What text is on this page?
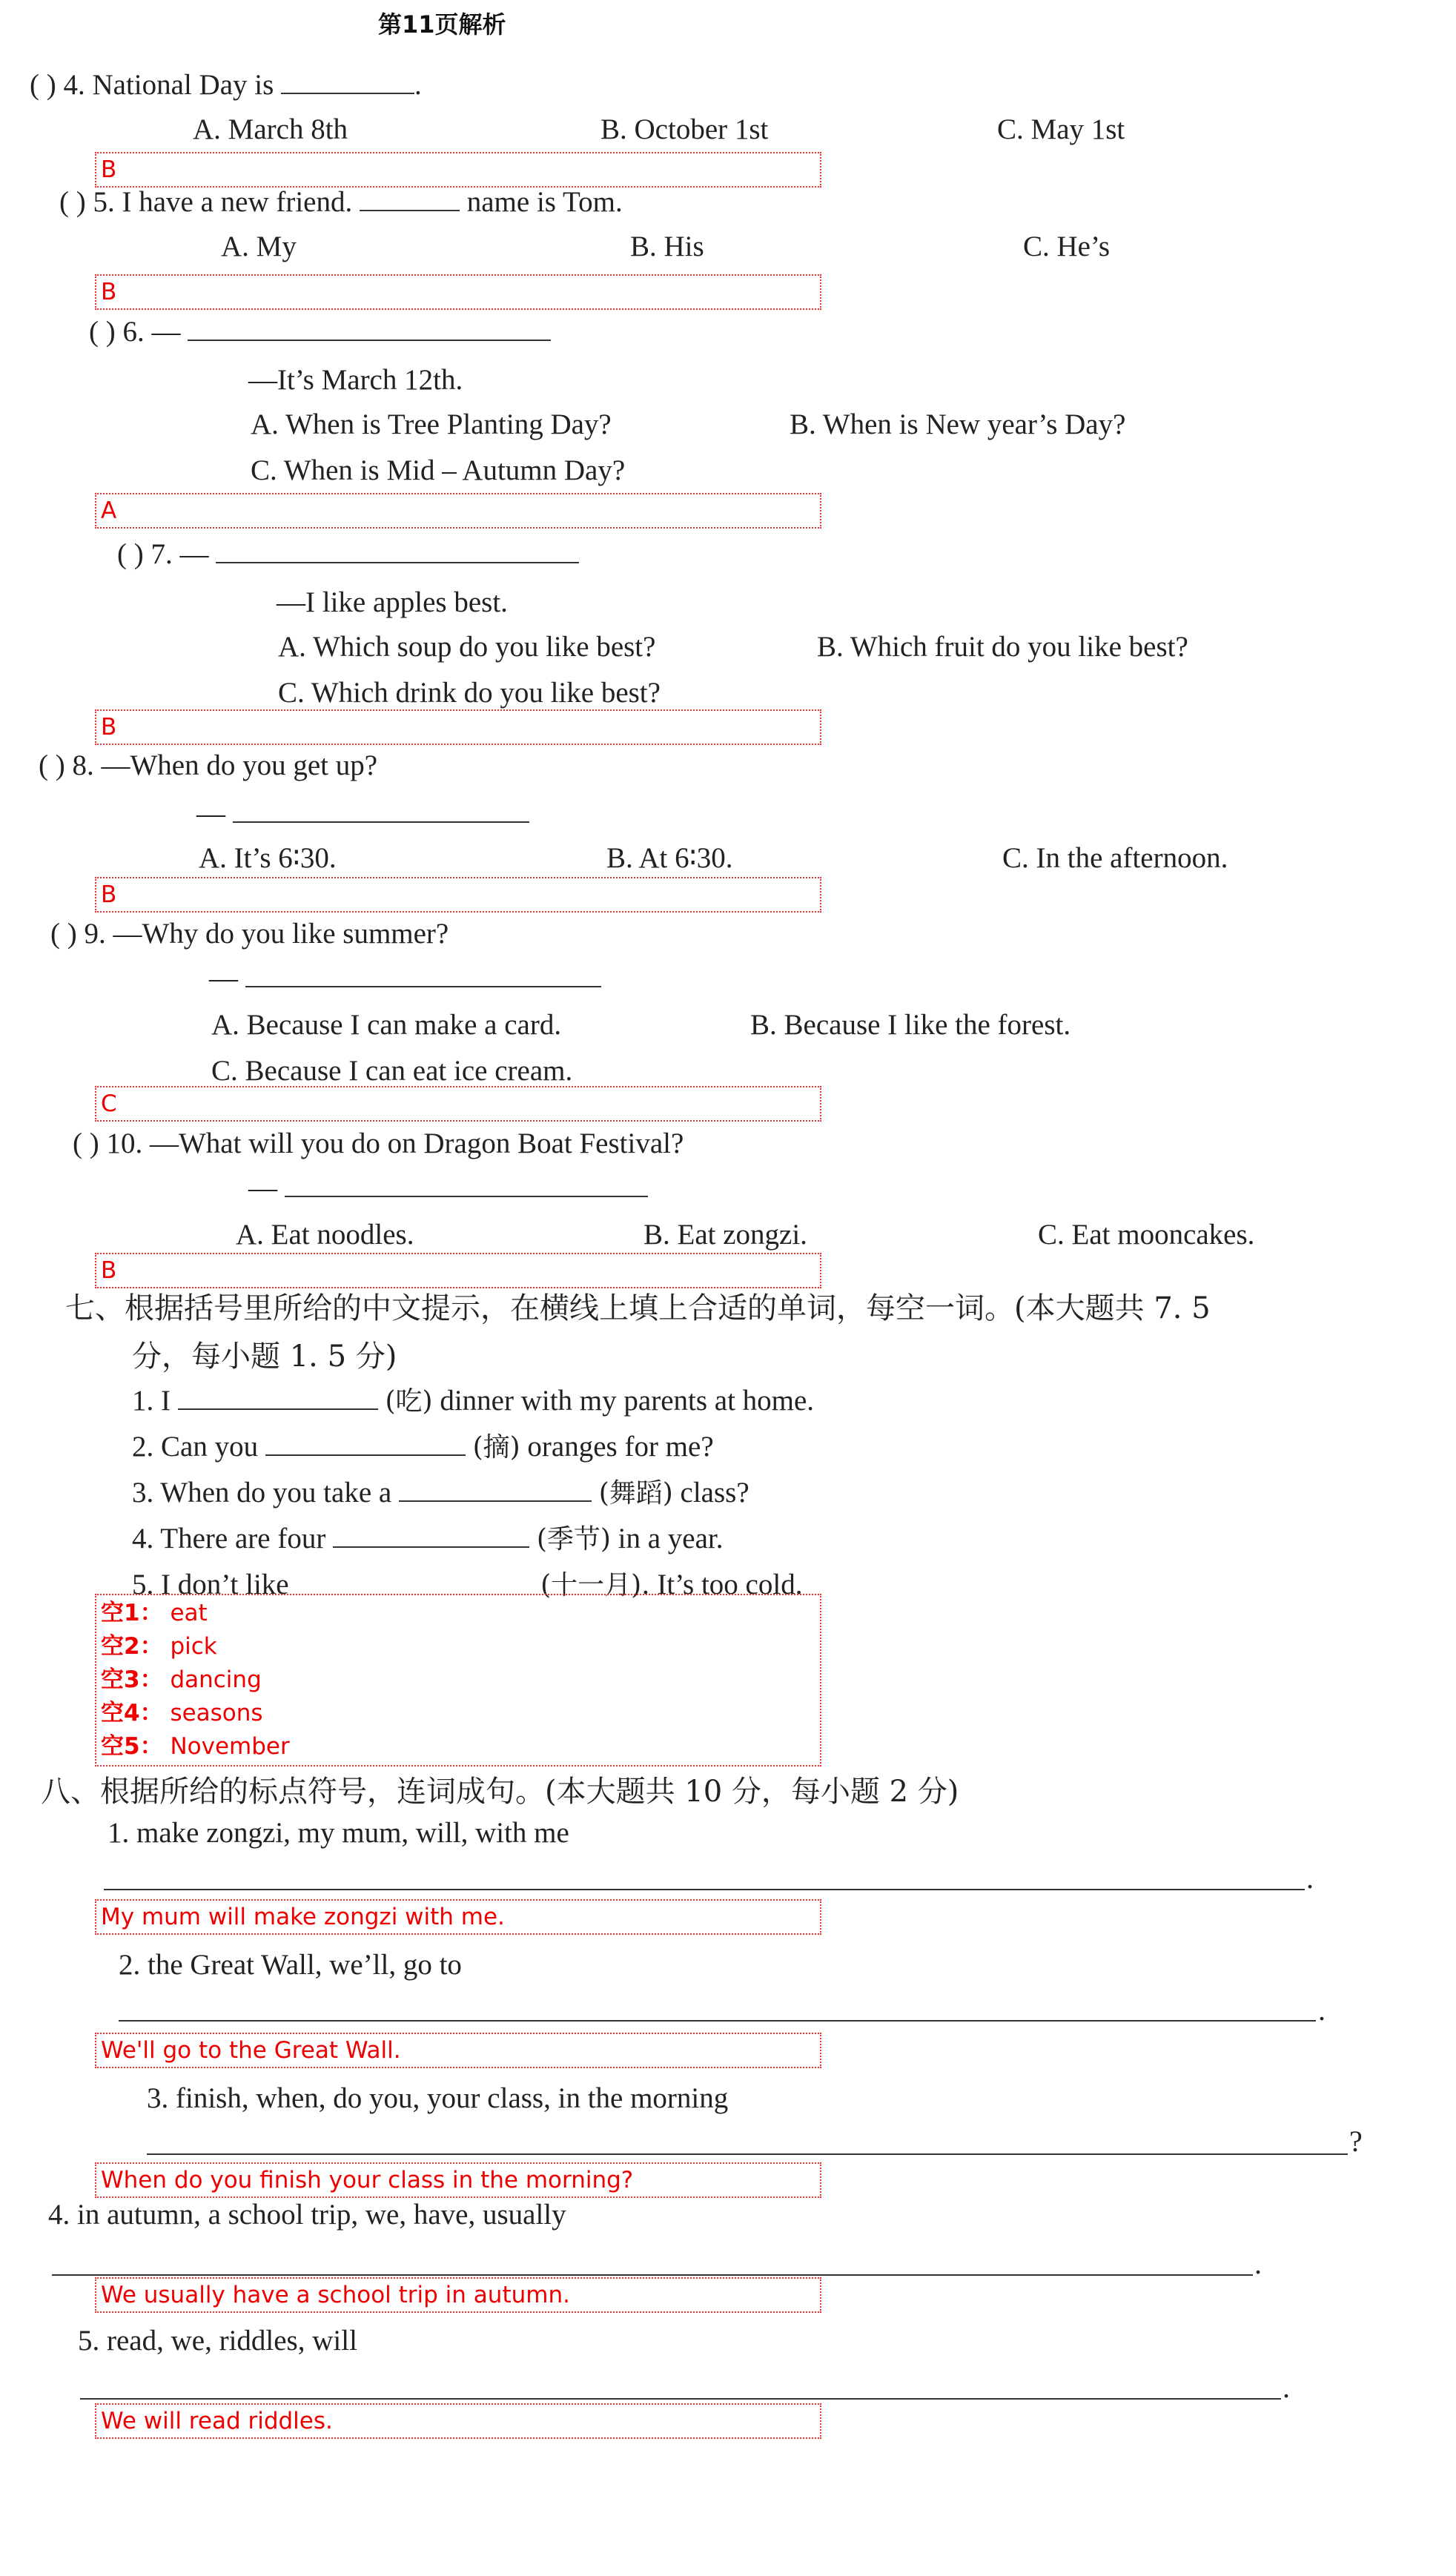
第11页解析
( ) 4. National Day is	.
A. March 8th	B. October 1st	C. May 1st
B
( ) 5. I have a new friend.	name is Tom.
A. My	B. His	C. He’s
B
( ) 6. —
—It’s March 12th.
A. When is Tree Planting Day?	B. When is New year’s Day?
C. When is Mid – Autumn Day?
A
( ) 7. —
—I like apples best.
A. Which soup do you like best?	B. Which fruit do you like best?
C. Which drink do you like best?
B
( ) 8. —When do you get up?
—
A. It’s 6∶30.	B. At 6∶30.	C. In the afternoon.
B
( ) 9. —Why do you like summer?
—
A. Because I can make a card.	B. Because I like the forest.
C. Because I can eat ice cream.
C
( ) 10. —What will you do on Dragon Boat Festival?
—
A. Eat noodles.	B. Eat zongzi.	C. Eat mooncakes.
B
七、根据括号里所给的中文提示，在横线上填上合适的单词，每空一词。(本大题共 7. 5
分，每小题 1. 5 分)
1. I	(吃) dinner with my parents at home.
2. Can you	(摘) oranges for me?
3. When do you take a	(舞蹈) class?
4. There are four	(季节) in a year.
5. I don’t like	(十一月). It’s too cold.
空1： eat
空2： pick
空3： dancing
空4： seasons
空5： November
八、根据所给的标点符号，连词成句。(本大题共 10 分，每小题 2 分)
1. make zongzi, my mum, will, with me
.
My mum will make zongzi with me.
2. the Great Wall, we’ll, go to
.
We'll go to the Great Wall.
3. finish, when, do you, your class, in the morning
?
When do you finish your class in the morning?
4. in autumn, a school trip, we, have, usually
.
We usually have a school trip in autumn.
5. read, we, riddles, will
.
We will read riddles.
